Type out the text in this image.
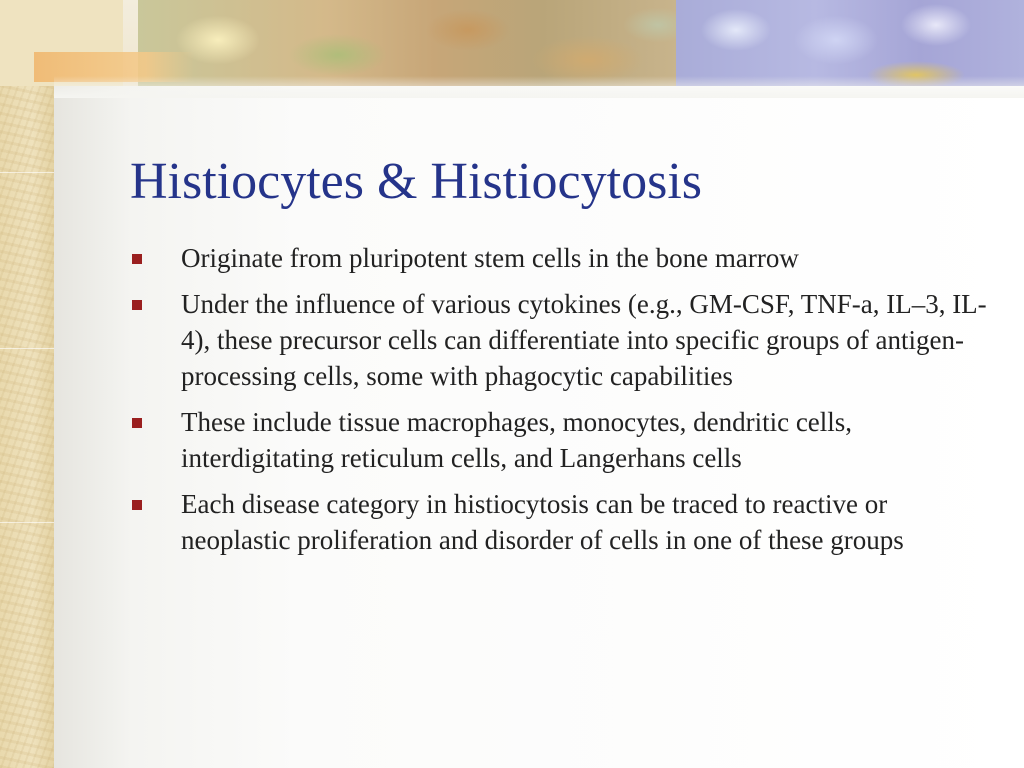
Histiocytes & Histiocytosis
Originate from pluripotent stem cells in the bone marrow
Under the influence of various cytokines (e.g., GM-CSF, TNF-a, IL–3, IL-4), these precursor cells can differentiate into specific groups of antigen-processing cells, some with phagocytic capabilities
These include tissue macrophages, monocytes, dendritic cells, interdigitating reticulum cells, and Langerhans cells
Each disease category in histiocytosis can be traced to reactive or neoplastic proliferation and disorder of cells in one of these groups
